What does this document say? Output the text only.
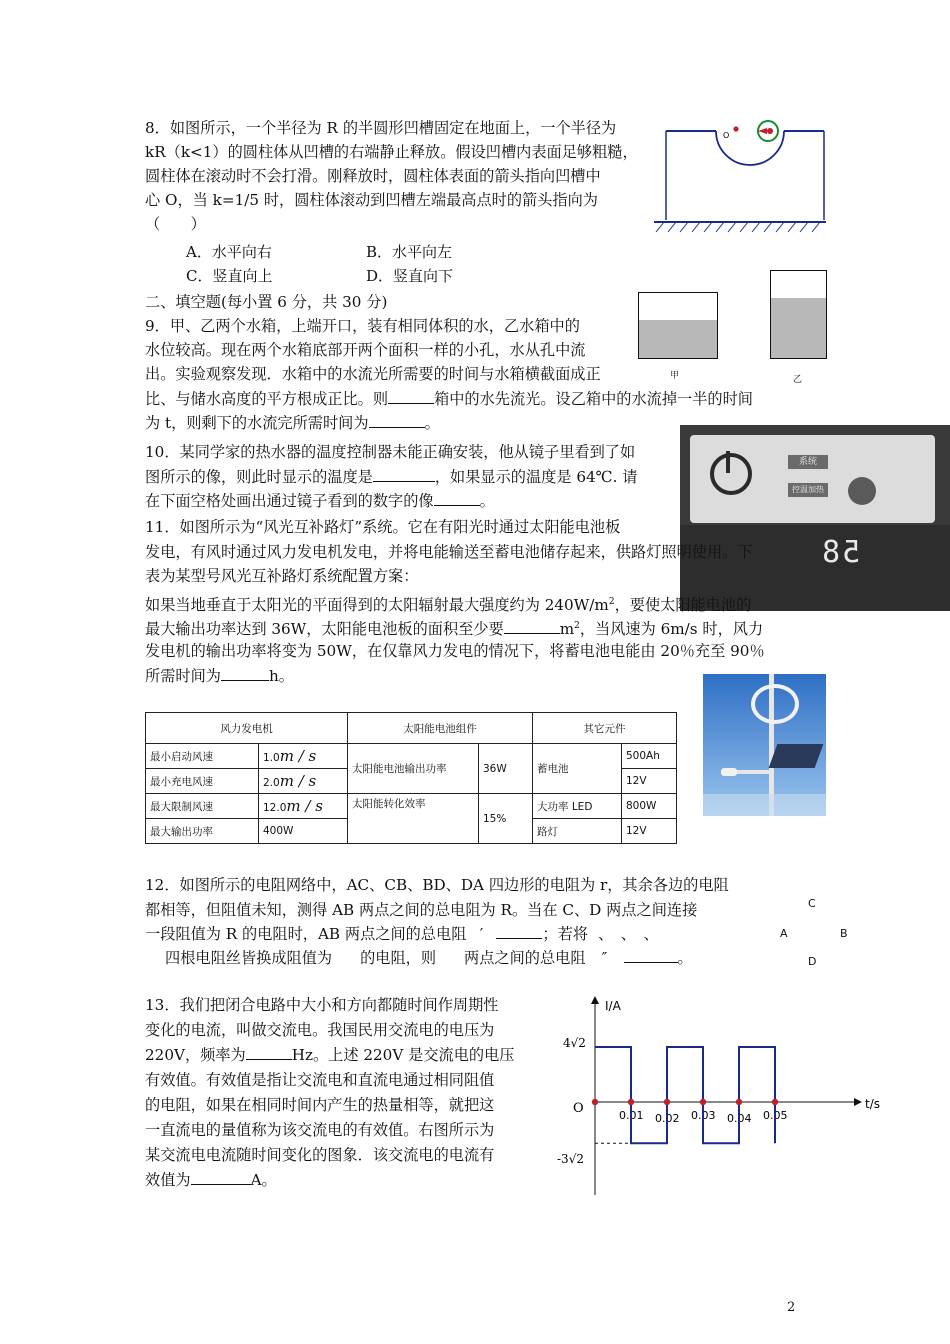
8．如图所示，一个半径为 R 的半圆形凹槽固定在地面上，一个半径为
kR（k<1）的圆柱体从凹槽的右端静止释放。假设凹槽内表面足够粗糙，
圆柱体在滚动时不会打滑。刚释放时，圆柱体表面的箭头指向凹槽中
心 O，当 k=1/5 时，圆柱体滚动到凹槽左端最高点时的箭头指向为
（　　）
A．水平向右	B．水平向左
C．竖直向上	D．竖直向下
O
二、填空题(每小置 6 分，共 30 分)
9．甲、乙两个水箱，上端开口，装有相同体积的水，乙水箱中的
水位较高。现在两个水箱底部开两个面积一样的小孔，水从孔中流
出。实验观察发现．水箱中的水流光所需要的时间与水箱横截面成正
比、与储水高度的平方根成正比。则	箱中的水先流光。设乙箱中的水流掉一半的时间
为 t，则剩下的水流完所需时间为	。
甲	乙
10．某同学家的热水器的温度控制器未能正确安装，他从镜子里看到了如
图所示的像，则此时显示的温度是	，如果显示的温度是 64℃. 请
在下面空格处画出通过镜子看到的数字的像	。
系统
控温加热
58
11．如图所示为“风光互补路灯”系统。它在有阳光时通过太阳能电池板
发电，有风时通过风力发电机发电，并将电能输送至蓄电池储存起来，供路灯照明使用。下
表为某型号风光互补路灯系统配置方案：
如果当地垂直于太阳光的平面得到的太阳辐射最大强度约为 $240W/m^2$，要使太阳能电池的
最大输出功率达到 36W，太阳能电池板的面积至少要	$m^2$，当风速为 6m/s 时，风力
发电机的输出功率将变为 50W，在仅靠风力发电的情况下，将蓄电池电能由 20％充至 90％
所需时间为	h。
风力发电机		太阳能电池组件		其它元件	
最小启动风速	1.0m / s	太阳能电池输出功率	36W	蓄电池	500Ah
最小充电风速	2.0m / s				12V
最大限制风速	12.0m / s	太阳能转化效率	15%	大功率 LED	800W
最大输出功率	400W			路灯	12V
12．如图所示的电阻网络中，AC、CB、BD、DA 四边形的电阻为 r，其余各边的电阻
都相等，但阻值未知，测得 AB 两点之间的总电阻为 R。当在 C、D 两点之间连接
一段阻值为 R 的电阻时，AB 两点之间的总电阻 ′	；若将 、　、　、
四根电阻丝皆换成阻值为 的电阻，则 两点之间的总电阻 ″	。
C
A	B
D
13．我们把闭合电路中大小和方向都随时间作周期性
变化的电流，叫做交流电。我国民用交流电的电压为
220V，频率为	Hz。上述 220V 是交流电的电压
有效值。有效值是指让交流电和直流电通过相同阻值
的电阻，如果在相同时间内产生的热量相等，就把这
一直流电的量值称为该交流电的有效值。右图所示为
某交流电电流随时间变化的图象．该交流电的电流有
效值为	A。
I/A
t/s
O
4√2
-3√2
0.01 0.02 0.03 0.04 0.05
2
